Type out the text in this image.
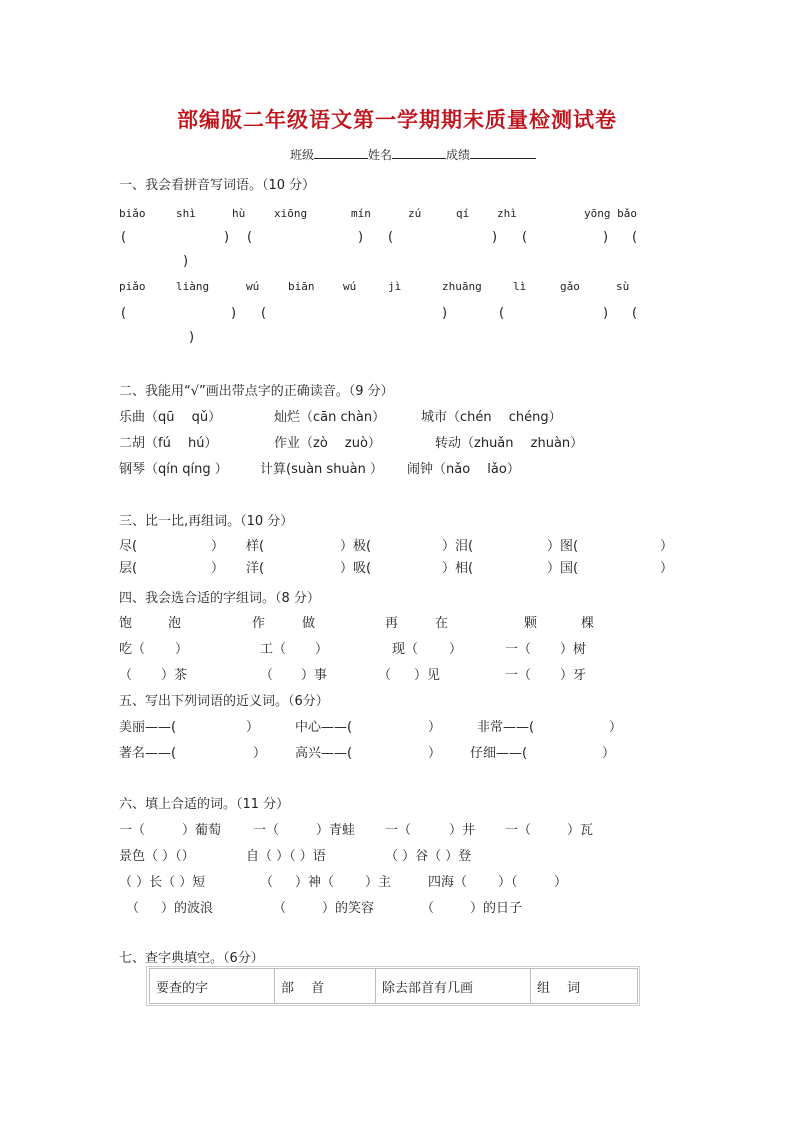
部编版二年级语文第一学期期末质量检测试卷
班级	姓名	成绩
一、我会看拼音写词语。（10 分）
biǎo	shì	hù	xiōng	mín	zú	qí	zhì	yōng bǎo
(	) (	) (	) (	) (
)
piǎo	liàng	wú	biān	wú	jì	zhuāng	lì	gǎo	sù
(	) (	)	(	) (
)
二、我能用“√”画出带点字的正确读音。（9 分）
乐曲（qū　 qǔ）	灿烂（cān chàn）	城市（chén　 chéng）
二胡（fú　 hú）	作业（zò　 zuò）	转动（zhuǎn　 zhuàn）
钢琴（qín qíng ） 计算(suàn shuàn ） 闹钟（nǎo　 lǎo）
三、比一比,再组词。（10 分）
尽(	） 样(	）极(	）泪(	）图(	）
层(	） 洋(	）吸(	）相(	）国(	）
四、我会选合适的字组词。（8 分）
饱	泡	作	做	再	在	颗	棵
吃（ ）	工（ ）	现（ ）	一（ ）树
（ ）茶	（ ）事	（ ）见	一（ ）牙
五、写出下列词语的近义词。（6分）
美丽——(	）	中心——(	）	非常——(	）
著名——(	） 高兴——(	） 仔细——(	）
六、填上合适的词。（11 分）
一（	）葡萄 一（	）青蛙 一（	）井 一（	）瓦
景色（ ）（）	自（ ）（ ）语	（ ）谷（ ）登
（ ）长（ ）短	（ ）神（ ）主	四海（ ）（	）
（ ）的波浪	（	）的笑容	（	）的日子
七、查字典填空。（6分）
要查的字	部　 首	除去部首有几画	组　 词
